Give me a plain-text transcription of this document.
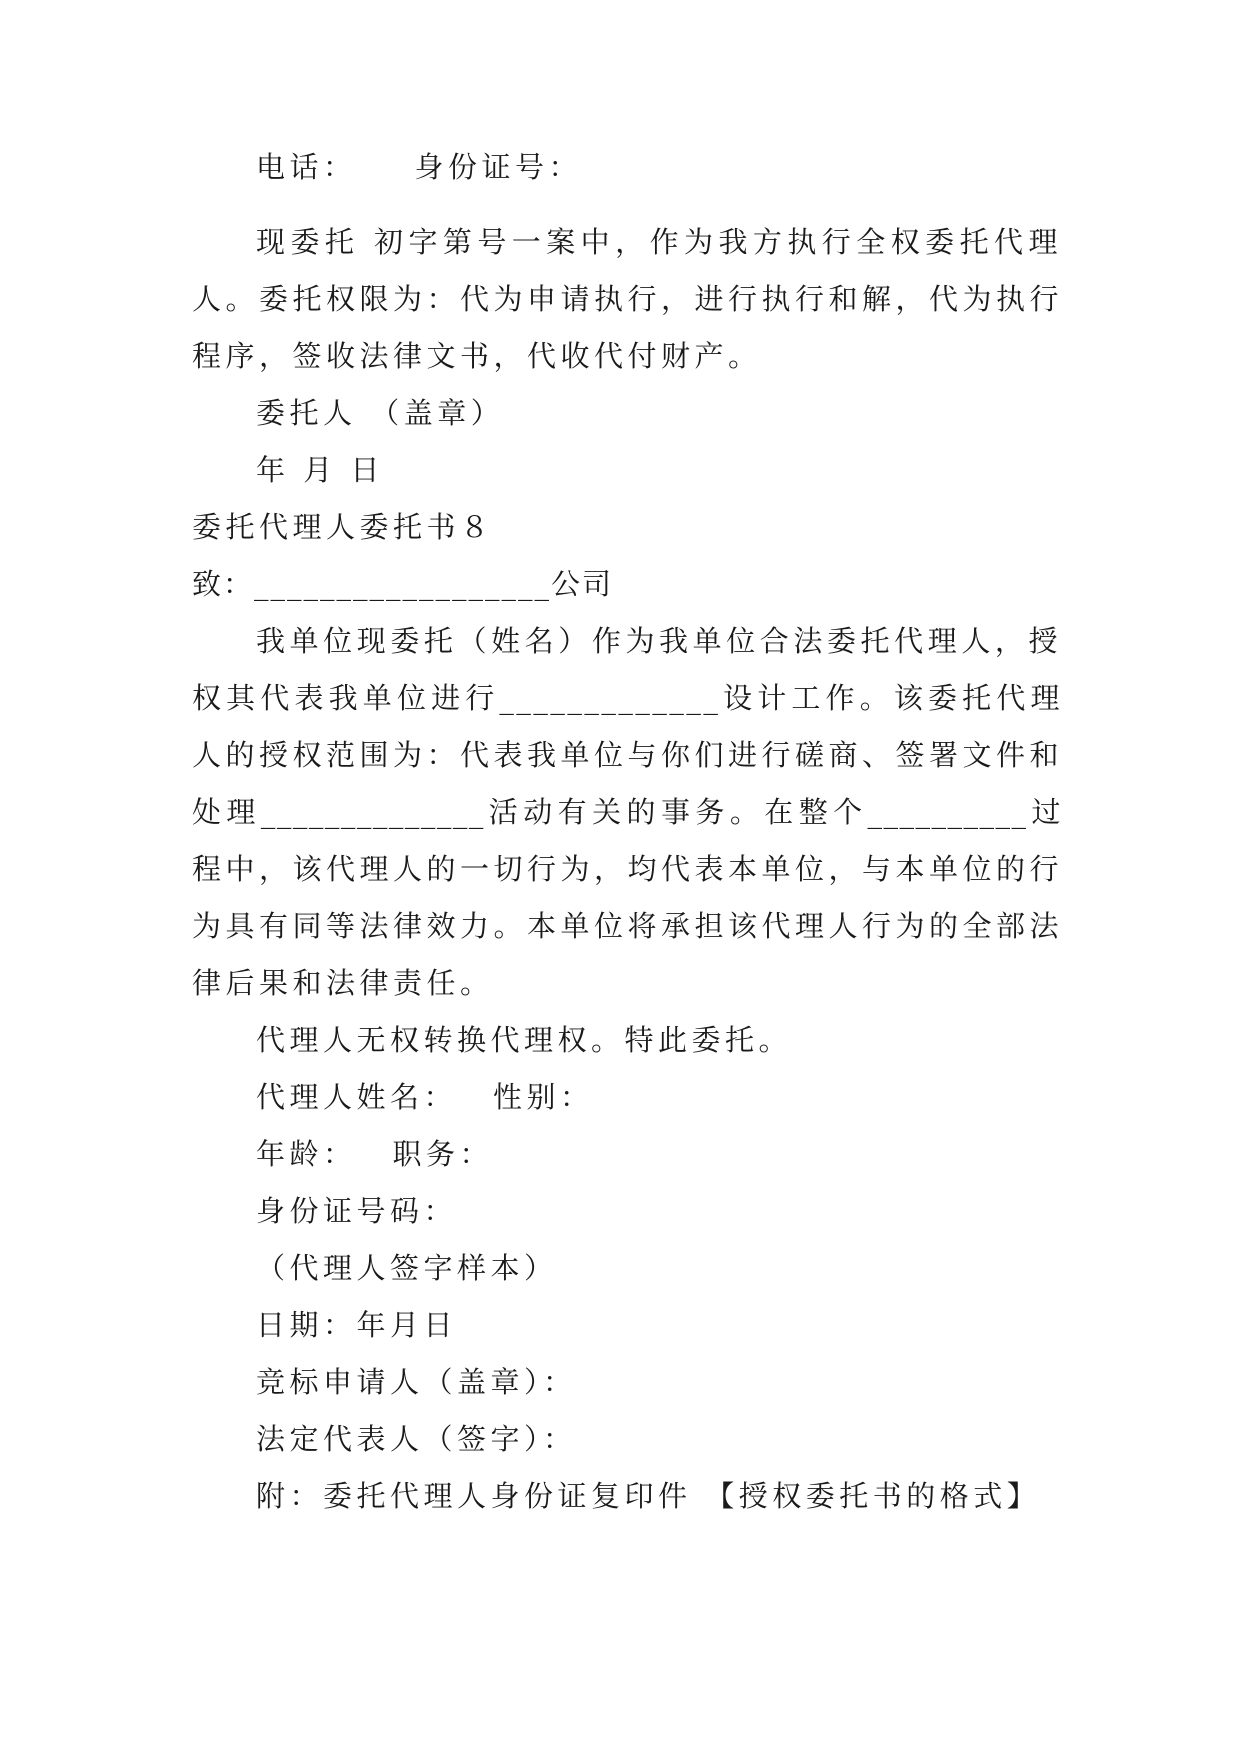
电话： 身份证号：
现委托 初字第号一案中，作为我方执行全权委托代理
人。委托权限为：代为申请执行，进行执行和解，代为执行
程序，签收法律文书，代收代付财产。
委托人 （盖章）
年 月 日
委托代理人委托书８
致：__________________公司
我单位现委托（姓名）作为我单位合法委托代理人，授
权其代表我单位进行_____________设计工作。该委托代理
人的授权范围为：代表我单位与你们进行磋商、签署文件和
处理______________活动有关的事务。在整个__________过
程中，该代理人的一切行为，均代表本单位，与本单位的行
为具有同等法律效力。本单位将承担该代理人行为的全部法
律后果和法律责任。
代理人无权转换代理权。特此委托。
代理人姓名： 性别：
年龄： 职务：
身份证号码：
（代理人签字样本）
日期：年月日
竞标申请人（盖章）：
法定代表人（签字）：
附：委托代理人身份证复印件 【授权委托书的格式】
